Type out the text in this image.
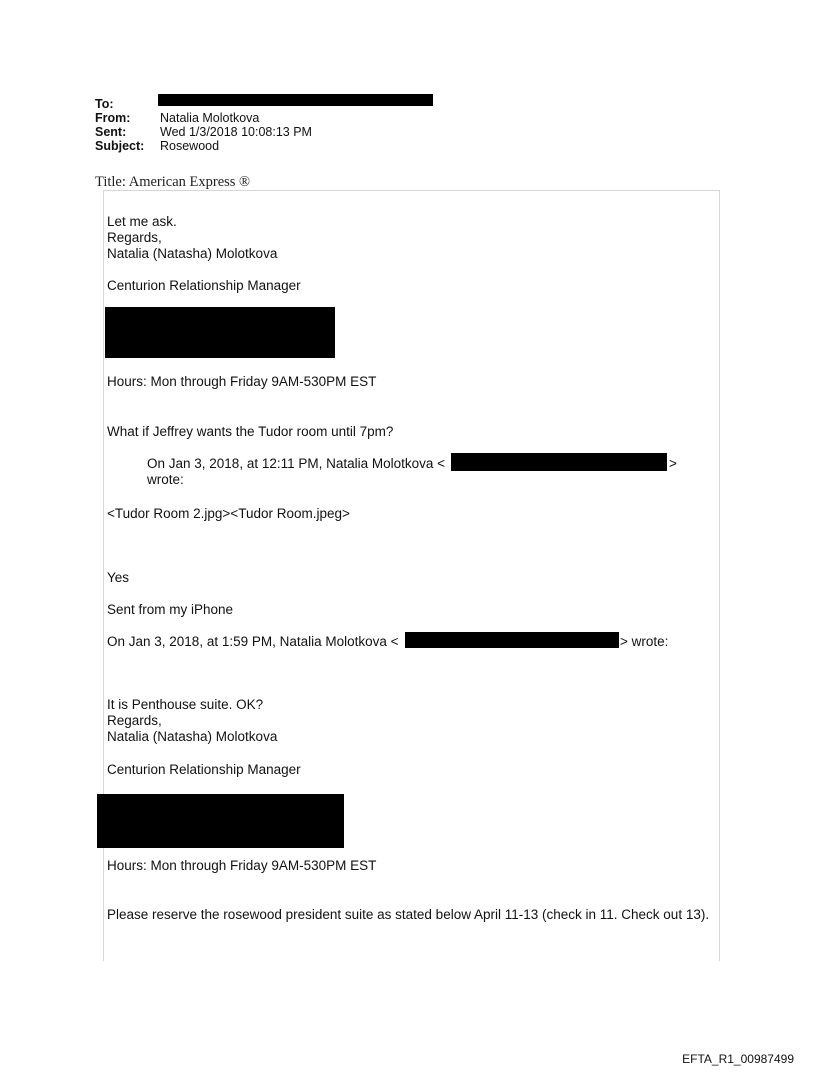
To:
From: Natalia Molotkova
Sent:	Wed 1/3/2018 10:08:13 PM
Subject: Rosewood
Title: American Express ®
Let me ask.
Regards,
Natalia (Natasha) Molotkova
Centurion Relationship Manager
Hours: Mon through Friday 9AM-530PM EST
What if Jeffrey wants the Tudor room until 7pm?
On Jan 3, 2018, at 12:11 PM, Natalia Molotkova <	>
wrote:
<Tudor Room 2.jpg><Tudor Room.jpeg>
Yes
Sent from my iPhone
On Jan 3, 2018, at 1:59 PM, Natalia Molotkova <	> wrote:
It is Penthouse suite. OK?
Regards,
Natalia (Natasha) Molotkova
Centurion Relationship Manager
Hours: Mon through Friday 9AM-530PM EST
Please reserve the rosewood president suite as stated below April 11-13 (check in 11. Check out 13).
EFTA_R1_00987499
